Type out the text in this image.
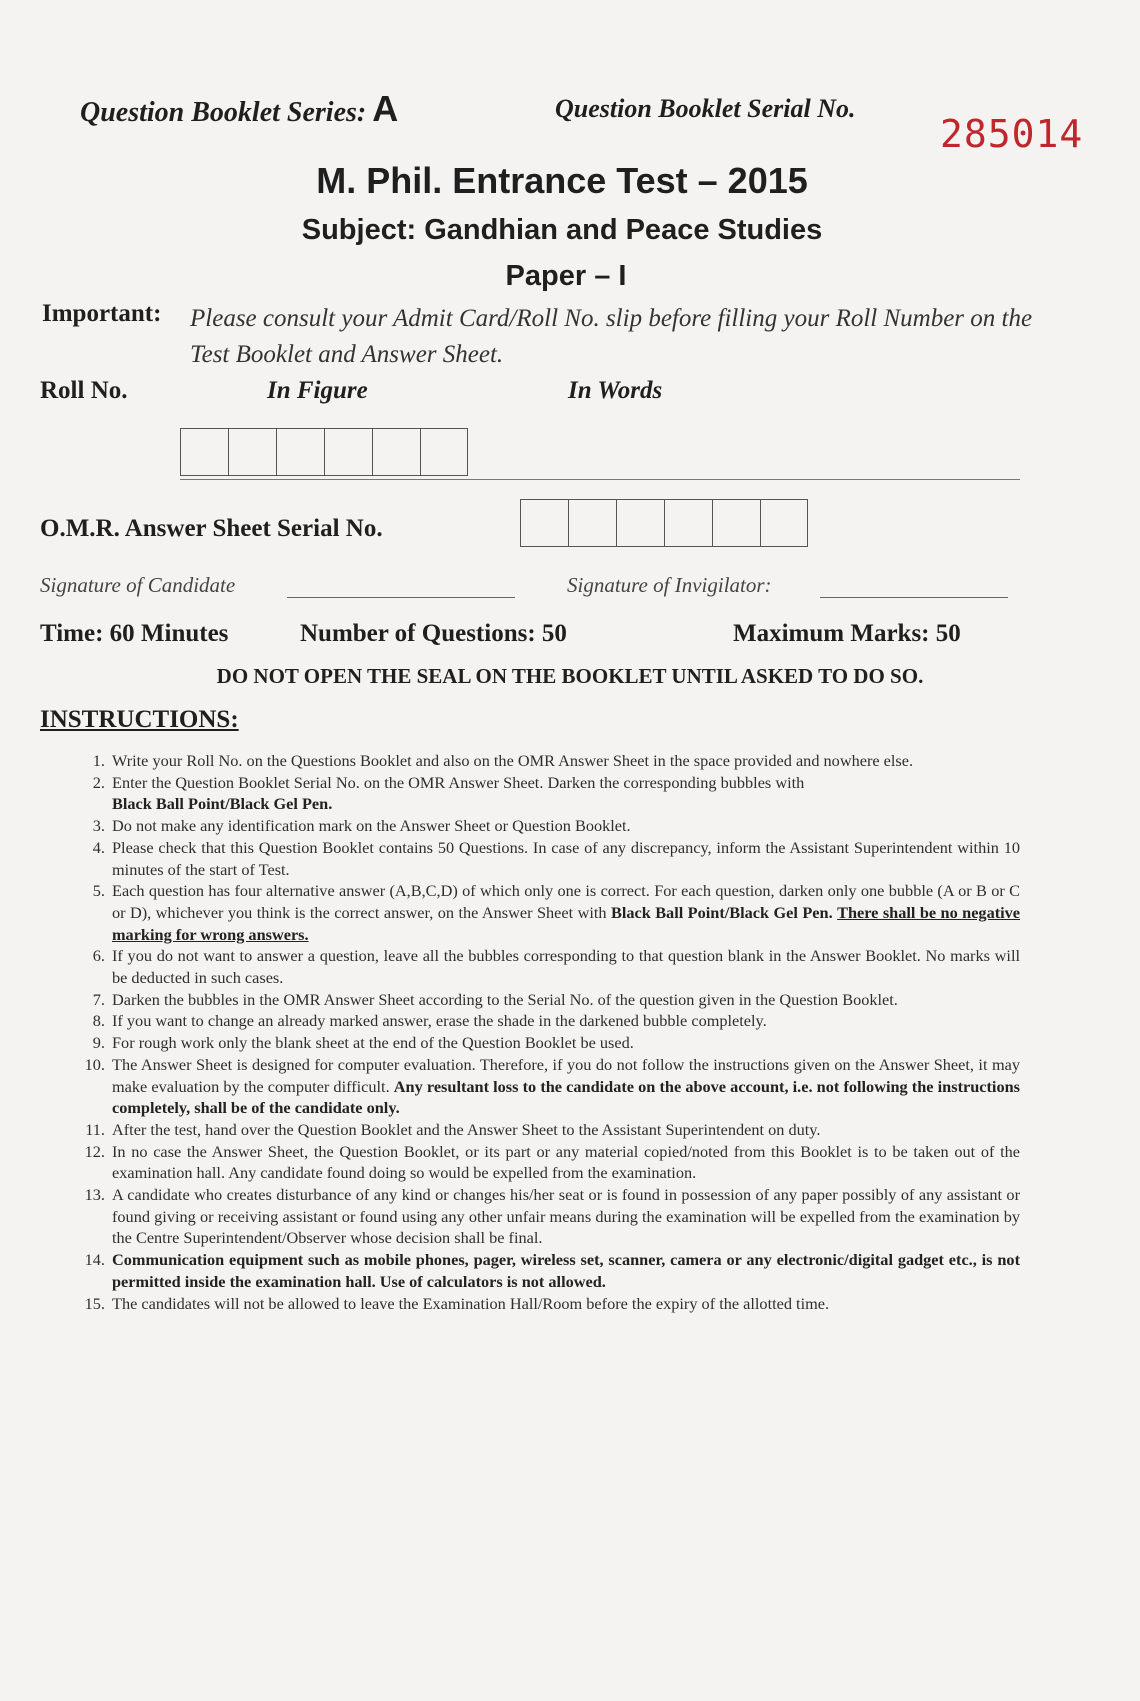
Question Booklet Series: A	Question Booklet Serial No.
285014
M. Phil. Entrance Test – 2015
Subject: Gandhian and Peace Studies
Paper – I
Important: Please consult your Admit Card/Roll No. slip before filling your Roll Number on the Test Booklet and Answer Sheet.
Roll No.	In Figure	In Words
O.M.R. Answer Sheet Serial No.
Signature of Candidate	Signature of Invigilator:
Time: 60 Minutes	Number of Questions: 50	Maximum Marks: 50
DO NOT OPEN THE SEAL ON THE BOOKLET UNTIL ASKED TO DO SO.
INSTRUCTIONS:
1. Write your Roll No. on the Questions Booklet and also on the OMR Answer Sheet in the space provided and nowhere else.
2. Enter the Question Booklet Serial No. on the OMR Answer Sheet. Darken the corresponding bubbles with
Black Ball Point/Black Gel Pen.
3. Do not make any identification mark on the Answer Sheet or Question Booklet.
4. Please check that this Question Booklet contains 50 Questions. In case of any discrepancy, inform the Assistant Superintendent within 10 minutes of the start of Test.
5. Each question has four alternative answer (A,B,C,D) of which only one is correct. For each question, darken only one bubble (A or B or C or D), whichever you think is the correct answer, on the Answer Sheet with Black Ball Point/Black Gel Pen. There shall be no negative marking for wrong answers.
6. If you do not want to answer a question, leave all the bubbles corresponding to that question blank in the Answer Booklet. No marks will be deducted in such cases.
7. Darken the bubbles in the OMR Answer Sheet according to the Serial No. of the question given in the Question Booklet.
8. If you want to change an already marked answer, erase the shade in the darkened bubble completely.
9. For rough work only the blank sheet at the end of the Question Booklet be used.
10. The Answer Sheet is designed for computer evaluation. Therefore, if you do not follow the instructions given on the Answer Sheet, it may make evaluation by the computer difficult. Any resultant loss to the candidate on the above account, i.e. not following the instructions completely, shall be of the candidate only.
11. After the test, hand over the Question Booklet and the Answer Sheet to the Assistant Superintendent on duty.
12. In no case the Answer Sheet, the Question Booklet, or its part or any material copied/noted from this Booklet is to be taken out of the examination hall. Any candidate found doing so would be expelled from the examination.
13. A candidate who creates disturbance of any kind or changes his/her seat or is found in possession of any paper possibly of any assistant or found giving or receiving assistant or found using any other unfair means during the examination will be expelled from the examination by the Centre Superintendent/Observer whose decision shall be final.
14. Communication equipment such as mobile phones, pager, wireless set, scanner, camera or any electronic/digital gadget etc., is not permitted inside the examination hall. Use of calculators is not allowed.
15. The candidates will not be allowed to leave the Examination Hall/Room before the expiry of the allotted time.
